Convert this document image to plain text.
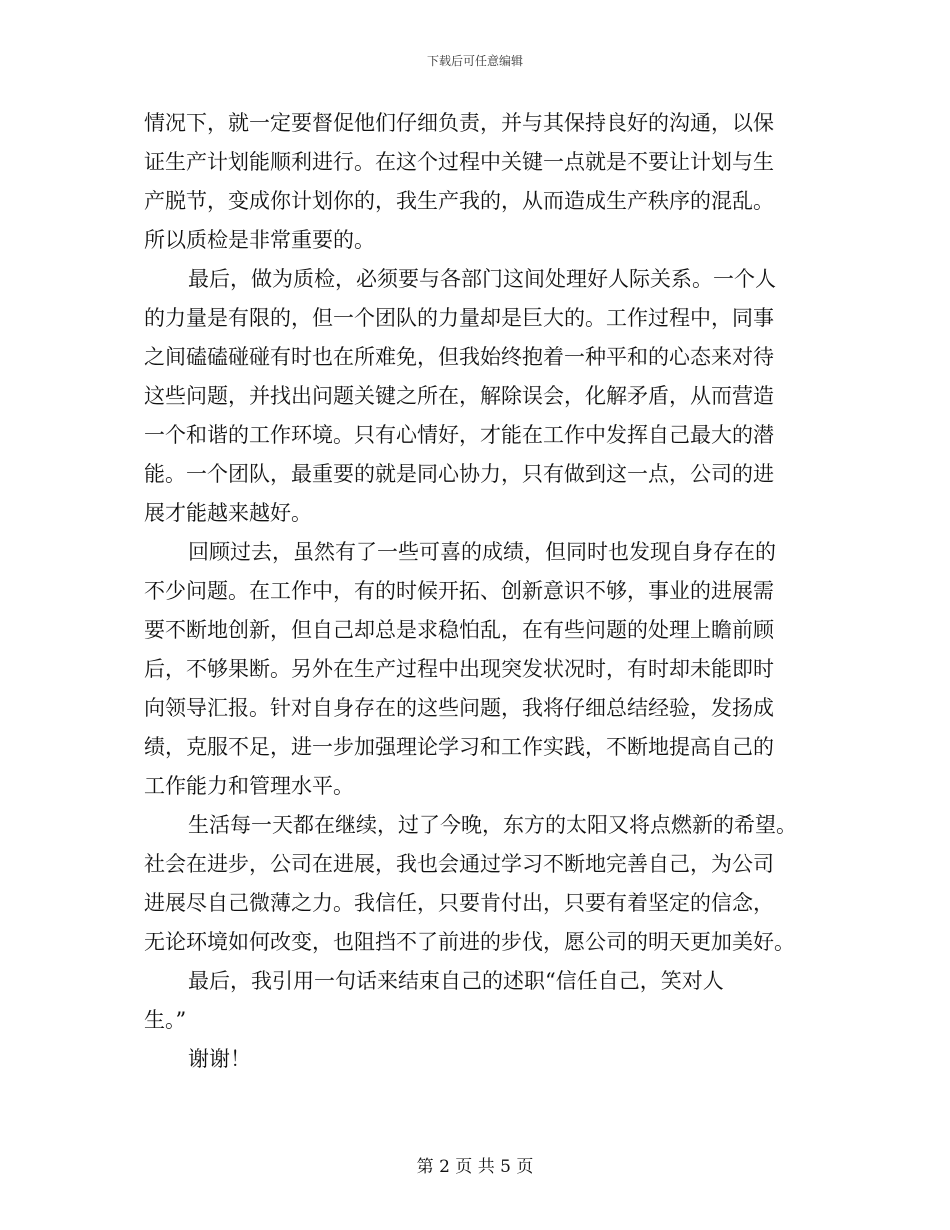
下载后可任意编辑
情况下，就一定要督促他们仔细负责，并与其保持良好的沟通，以保
证生产计划能顺利进行。在这个过程中关键一点就是不要让计划与生
产脱节，变成你计划你的，我生产我的，从而造成生产秩序的混乱。
所以质检是非常重要的。
最后，做为质检，必须要与各部门这间处理好人际关系。一个人
的力量是有限的，但一个团队的力量却是巨大的。工作过程中，同事
之间磕磕碰碰有时也在所难免，但我始终抱着一种平和的心态来对待
这些问题，并找出问题关键之所在，解除误会，化解矛盾，从而营造
一个和谐的工作环境。只有心情好，才能在工作中发挥自己最大的潜
能。一个团队，最重要的就是同心协力，只有做到这一点，公司的进
展才能越来越好。
回顾过去，虽然有了一些可喜的成绩，但同时也发现自身存在的
不少问题。在工作中，有的时候开拓、创新意识不够，事业的进展需
要不断地创新，但自己却总是求稳怕乱，在有些问题的处理上瞻前顾
后，不够果断。另外在生产过程中出现突发状况时，有时却未能即时
向领导汇报。针对自身存在的这些问题，我将仔细总结经验，发扬成
绩，克服不足，进一步加强理论学习和工作实践，不断地提高自己的
工作能力和管理水平。
生活每一天都在继续，过了今晚，东方的太阳又将点燃新的希望。
社会在进步，公司在进展，我也会通过学习不断地完善自己，为公司
进展尽自己微薄之力。我信任，只要肯付出，只要有着坚定的信念，
无论环境如何改变，也阻挡不了前进的步伐，愿公司的明天更加美好。
最后，我引用一句话来结束自己的述职“信任自己，笑对人
生。”
谢谢！
第 2 页 共 5 页
